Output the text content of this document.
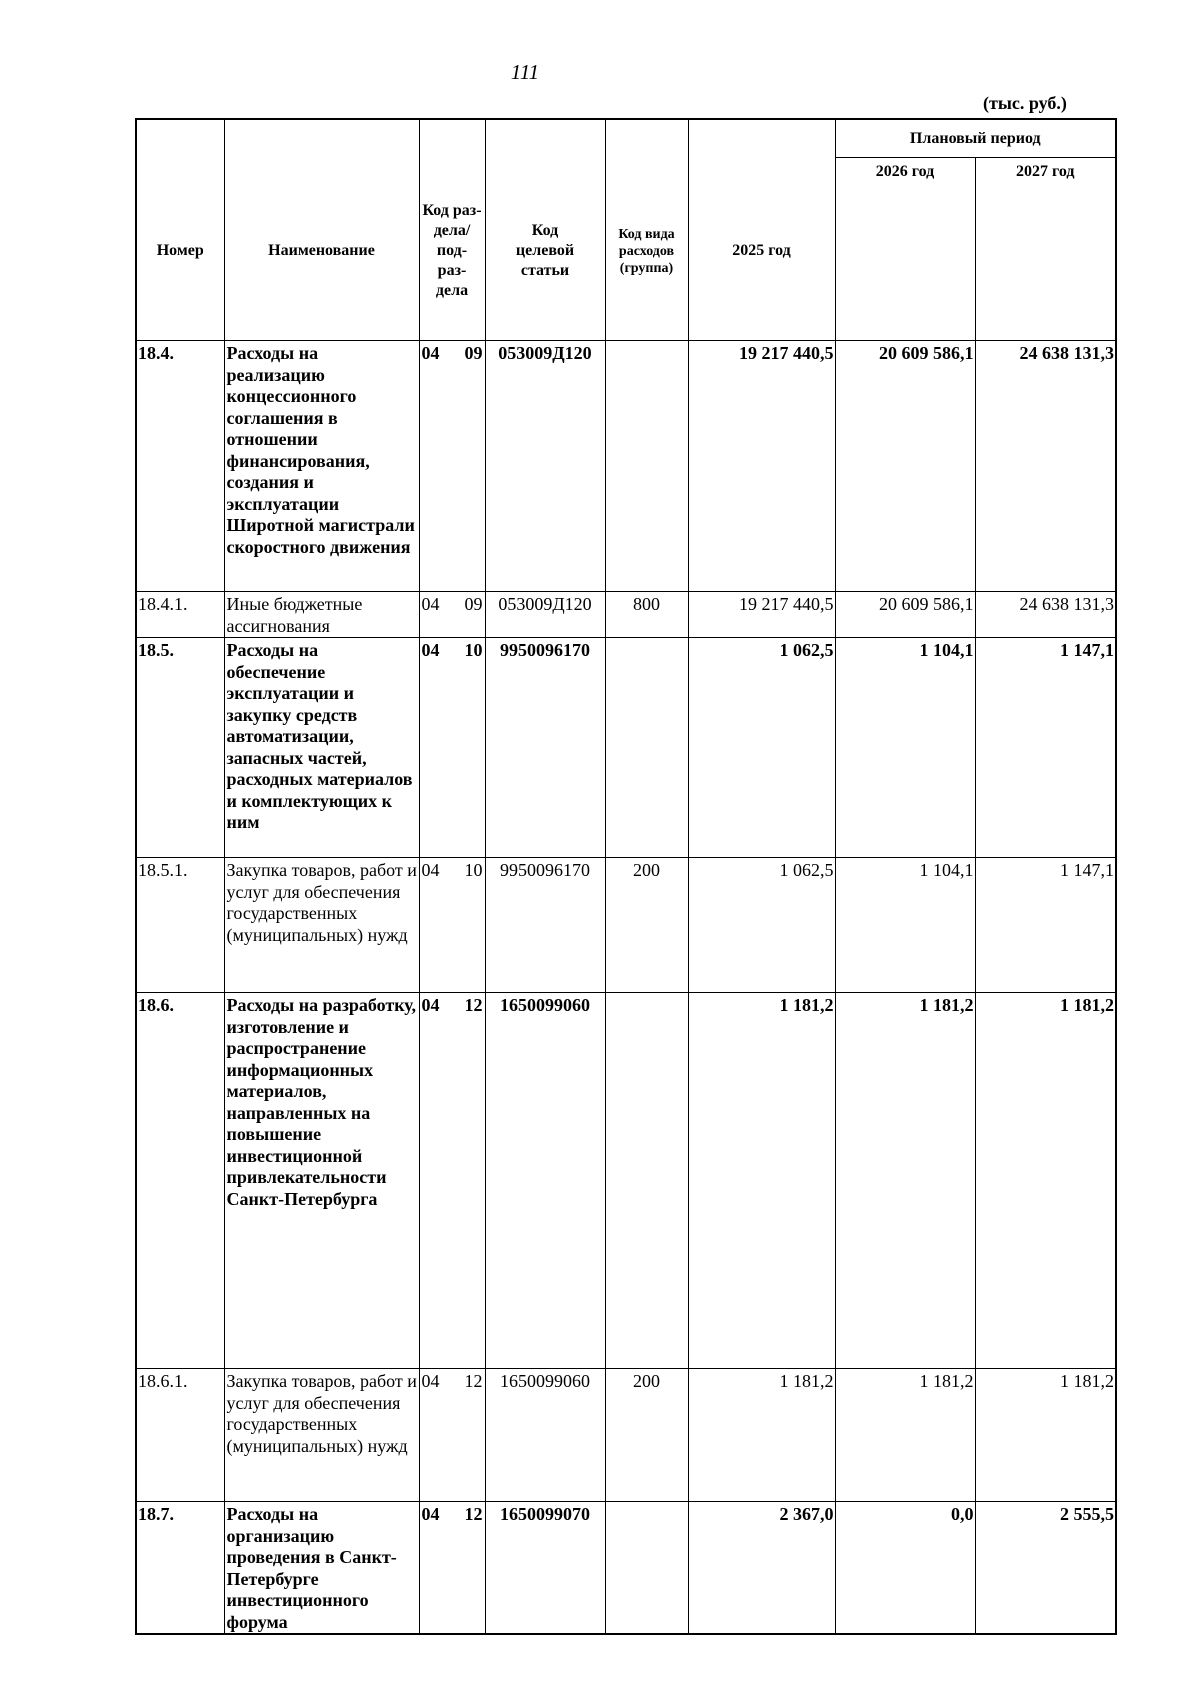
111
(тыс. руб.)
Номер	Наименование	Код раз-
дела/
под-
раз-
дела	Код
целевой
статьи	Код вида
расходов
(группа)	2025 год	Плановый период	
						2026 год	2027 год
18.4.	Расходы на реализацию концессионного соглашения в отношении финансирования, создания и эксплуатации Широтной магистрали скоростного движения	04 09	053009Д120		19 217 440,5	20 609 586,1	24 638 131,3
18.4.1.	Иные бюджетные ассигнования	04 09	053009Д120	800	19 217 440,5	20 609 586,1	24 638 131,3
18.5.	Расходы на обеспечение эксплуатации и закупку средств автоматизации, запасных частей, расходных материалов и комплектующих к ним	04 10	9950096170		1 062,5	1 104,1	1 147,1
18.5.1.	Закупка товаров, работ и услуг для обеспечения государственных (муниципальных) нужд	04 10	9950096170	200	1 062,5	1 104,1	1 147,1
18.6.	Расходы на разработку, изготовление и распространение информационных материалов, направленных на повышение инвестиционной привлекательности Санкт-Петербурга	04 12	1650099060		1 181,2	1 181,2	1 181,2
18.6.1.	Закупка товаров, работ и услуг для обеспечения государственных (муниципальных) нужд	04 12	1650099060	200	1 181,2	1 181,2	1 181,2
18.7.	Расходы на организацию проведения в Санкт-Петербурге инвестиционного форума	04 12	1650099070		2 367,0	0,0	2 555,5
